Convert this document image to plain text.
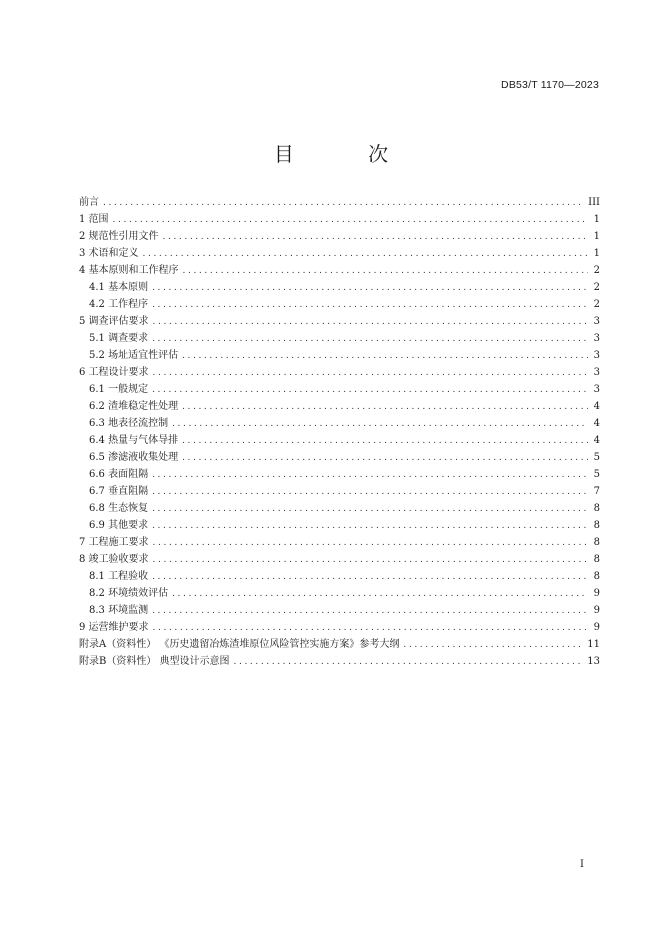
DB53/T 1170—2023
目 次
前言 .....	III
1 范围 .....	1
2 规范性引用文件 .....	1
3 术语和定义 .....	1
4 基本原则和工作程序 .....	2
4.1 基本原则 .....	2
4.2 工作程序 .....	2
5 调查评估要求 .....	3
5.1 调查要求 .....	3
5.2 场址适宜性评估 .....	3
6 工程设计要求 .....	3
6.1 一般规定 .....	3
6.2 渣堆稳定性处理 .....	4
6.3 地表径流控制 .....	4
6.4 热量与气体导排 .....	4
6.5 渗滤液收集处理 .....	5
6.6 表面阻隔 .....	5
6.7 垂直阻隔 .....	7
6.8 生态恢复 .....	8
6.9 其他要求 .....	8
7 工程施工要求 .....	8
8 竣工验收要求 .....	8
8.1 工程验收 .....	8
8.2 环境绩效评估 .....	9
8.3 环境监测 .....	9
9 运营维护要求 .....	9
附录A（资料性） 《历史遗留冶炼渣堆原位风险管控实施方案》参考大纲 .....	11
附录B（资料性） 典型设计示意图 .....	13
I
